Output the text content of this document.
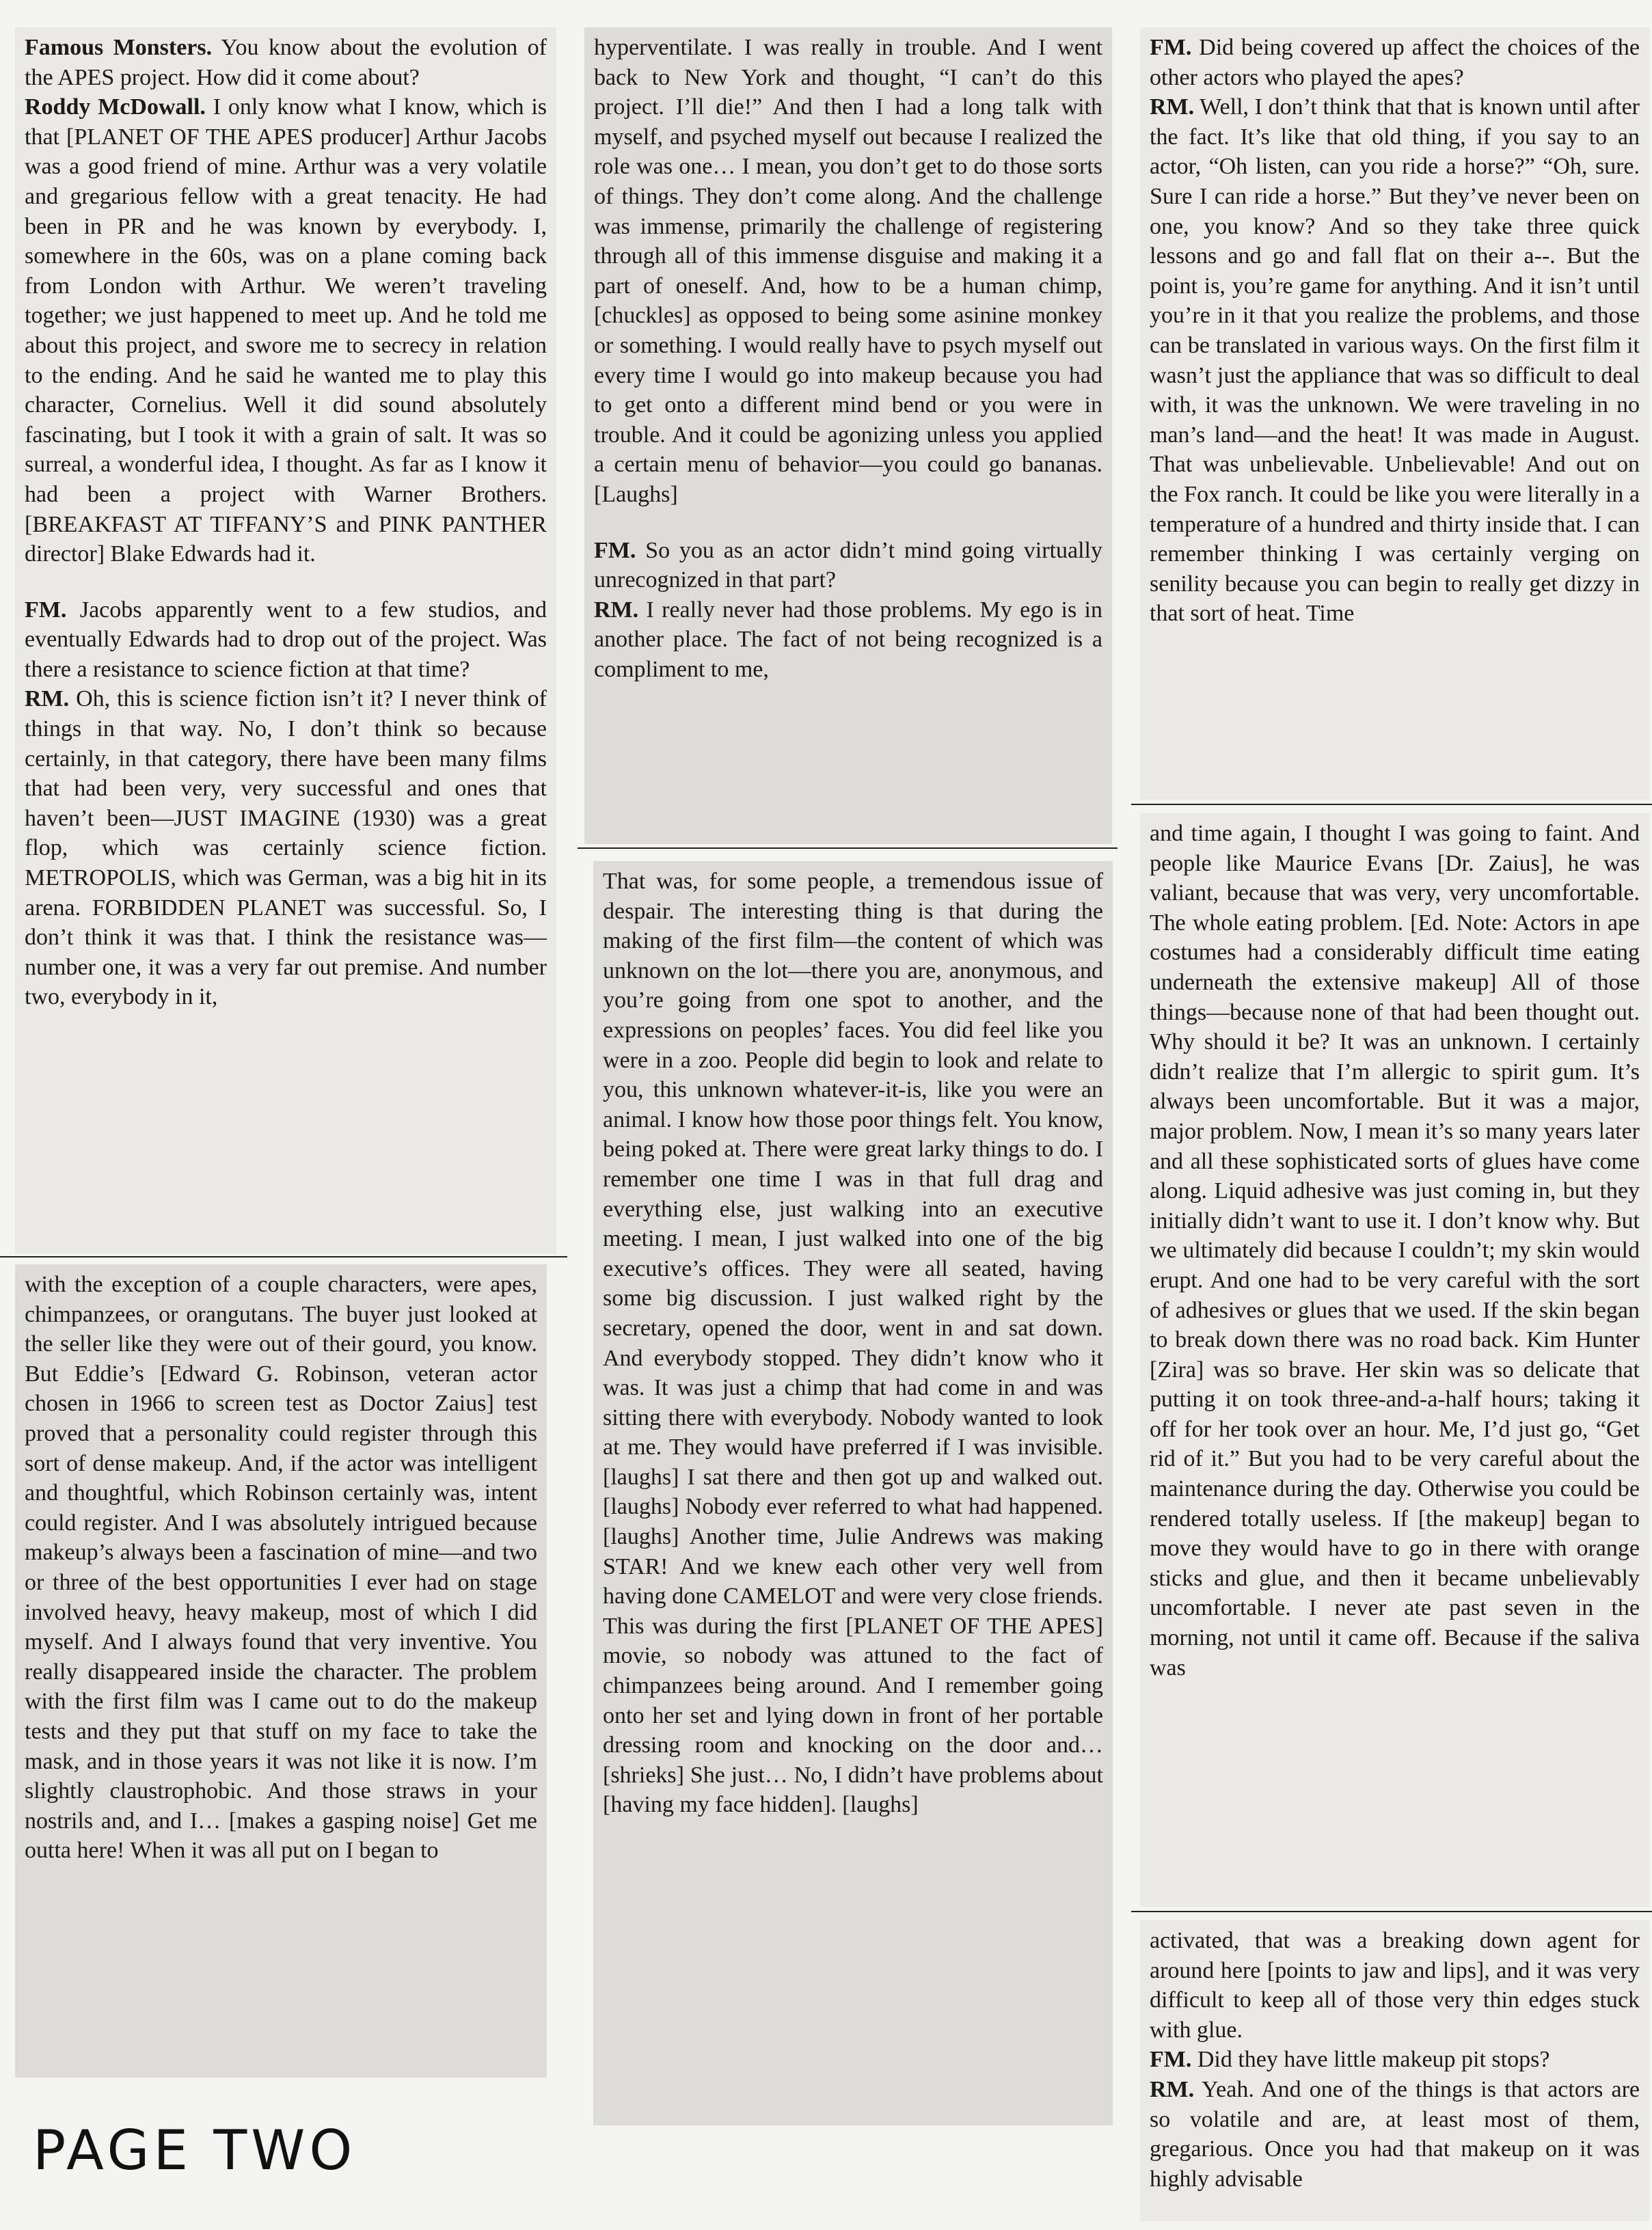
Famous Monsters. You know about the evolution of the APES project. How did it come about?

Roddy McDowall. I only know what I know, which is that [PLANET OF THE APES producer] Arthur Jacobs was a good friend of mine. Arthur was a very volatile and gregarious fellow with a great tenacity. He had been in PR and he was known by everybody. I, somewhere in the 60s, was on a plane coming back from London with Arthur. We weren’t traveling together; we just happened to meet up. And he told me about this project, and swore me to secrecy in relation to the ending. And he said he wanted me to play this character, Cornelius. Well it did sound absolutely fascinating, but I took it with a grain of salt. It was so surreal, a wonderful idea, I thought. As far as I know it had been a project with Warner Brothers. [BREAKFAST AT TIFFANY’S and PINK PANTHER director] Blake Edwards had it.

FM. Jacobs apparently went to a few studios, and eventually Edwards had to drop out of the project. Was there a resistance to science fiction at that time?

RM. Oh, this is science fiction isn’t it? I never think of things in that way. No, I don’t think so because certainly, in that category, there have been many films that had been very, very successful and ones that haven’t been—JUST IMAGINE (1930) was a great flop, which was certainly science fiction. METROPOLIS, which was German, was a big hit in its arena. FORBIDDEN PLANET was successful. So, I don’t think it was that. I think the resistance was—number one, it was a very far out premise. And number two, everybody in it,

with the exception of a couple characters, were apes, chimpanzees, or orangutans. The buyer just looked at the seller like they were out of their gourd, you know. But Eddie’s [Edward G. Robinson, veteran actor chosen in 1966 to screen test as Doctor Zaius] test proved that a personality could register through this sort of dense makeup. And, if the actor was intelligent and thoughtful, which Robinson certainly was, intent could register. And I was absolutely intrigued because makeup’s always been a fascination of mine—and two or three of the best opportunities I ever had on stage involved heavy, heavy makeup, most of which I did myself. And I always found that very inventive. You really disappeared inside the character. The problem with the first film was I came out to do the makeup tests and they put that stuff on my face to take the mask, and in those years it was not like it is now. I’m slightly claustrophobic. And those straws in your nostrils and, and I… [makes a gasping noise] Get me outta here! When it was all put on I began to

hyperventilate. I was really in trouble. And I went back to New York and thought, “I can’t do this project. I’ll die!” And then I had a long talk with myself, and psyched myself out because I realized the role was one… I mean, you don’t get to do those sorts of things. They don’t come along. And the challenge was immense, primarily the challenge of registering through all of this immense disguise and making it a part of oneself. And, how to be a human chimp, [chuckles] as opposed to being some asinine monkey or something. I would really have to psych myself out every time I would go into makeup because you had to get onto a different mind bend or you were in trouble. And it could be agonizing unless you applied a certain menu of behavior—you could go bananas. [Laughs]

FM. So you as an actor didn’t mind going virtually unrecognized in that part?

RM. I really never had those problems. My ego is in another place. The fact of not being recognized is a compliment to me,

That was, for some people, a tremendous issue of despair. The interesting thing is that during the making of the first film—the content of which was unknown on the lot—there you are, anonymous, and you’re going from one spot to another, and the expressions on peoples’ faces. You did feel like you were in a zoo. People did begin to look and relate to you, this unknown whatever-it-is, like you were an animal. I know how those poor things felt. You know, being poked at. There were great larky things to do. I remember one time I was in that full drag and everything else, just walking into an executive meeting. I mean, I just walked into one of the big executive’s offices. They were all seated, having some big discussion. I just walked right by the secretary, opened the door, went in and sat down. And everybody stopped. They didn’t know who it was. It was just a chimp that had come in and was sitting there with everybody. Nobody wanted to look at me. They would have preferred if I was invisible. [laughs] I sat there and then got up and walked out. [laughs] Nobody ever referred to what had happened. [laughs] Another time, Julie Andrews was making STAR! And we knew each other very well from having done CAMELOT and were very close friends. This was during the first [PLANET OF THE APES] movie, so nobody was attuned to the fact of chimpanzees being around. And I remember going onto her set and lying down in front of her portable dressing room and knocking on the door and… [shrieks] She just… No, I didn’t have problems about [having my face hidden]. [laughs]

FM. Did being covered up affect the choices of the other actors who played the apes?

RM. Well, I don’t think that that is known until after the fact. It’s like that old thing, if you say to an actor, “Oh listen, can you ride a horse?” “Oh, sure. Sure I can ride a horse.” But they’ve never been on one, you know? And so they take three quick lessons and go and fall flat on their a--. But the point is, you’re game for anything. And it isn’t until you’re in it that you realize the problems, and those can be translated in various ways. On the first film it wasn’t just the appliance that was so difficult to deal with, it was the unknown. We were traveling in no man’s land—and the heat! It was made in August. That was unbelievable. Unbelievable! And out on the Fox ranch. It could be like you were literally in a temperature of a hundred and thirty inside that. I can remember thinking I was certainly verging on senility because you can begin to really get dizzy in that sort of heat. Time

and time again, I thought I was going to faint. And people like Maurice Evans [Dr. Zaius], he was valiant, because that was very, very uncomfortable. The whole eating problem. [Ed. Note: Actors in ape costumes had a considerably difficult time eating underneath the extensive makeup] All of those things—because none of that had been thought out. Why should it be? It was an unknown. I certainly didn’t realize that I’m allergic to spirit gum. It’s always been uncomfortable. But it was a major, major problem. Now, I mean it’s so many years later and all these sophisticated sorts of glues have come along. Liquid adhesive was just coming in, but they initially didn’t want to use it. I don’t know why. But we ultimately did because I couldn’t; my skin would erupt. And one had to be very careful with the sort of adhesives or glues that we used. If the skin began to break down there was no road back. Kim Hunter [Zira] was so brave. Her skin was so delicate that putting it on took three-and-a-half hours; taking it off for her took over an hour. Me, I’d just go, “Get rid of it.” But you had to be very careful about the maintenance during the day. Otherwise you could be rendered totally useless. If [the makeup] began to move they would have to go in there with orange sticks and glue, and then it became unbelievably uncomfortable. I never ate past seven in the morning, not until it came off. Because if the saliva was

activated, that was a breaking down agent for around here [points to jaw and lips], and it was very difficult to keep all of those very thin edges stuck with glue.

FM. Did they have little makeup pit stops?

RM. Yeah. And one of the things is that actors are so volatile and are, at least most of them, gregarious. Once you had that makeup on it was highly advisable

PAGE TWO
